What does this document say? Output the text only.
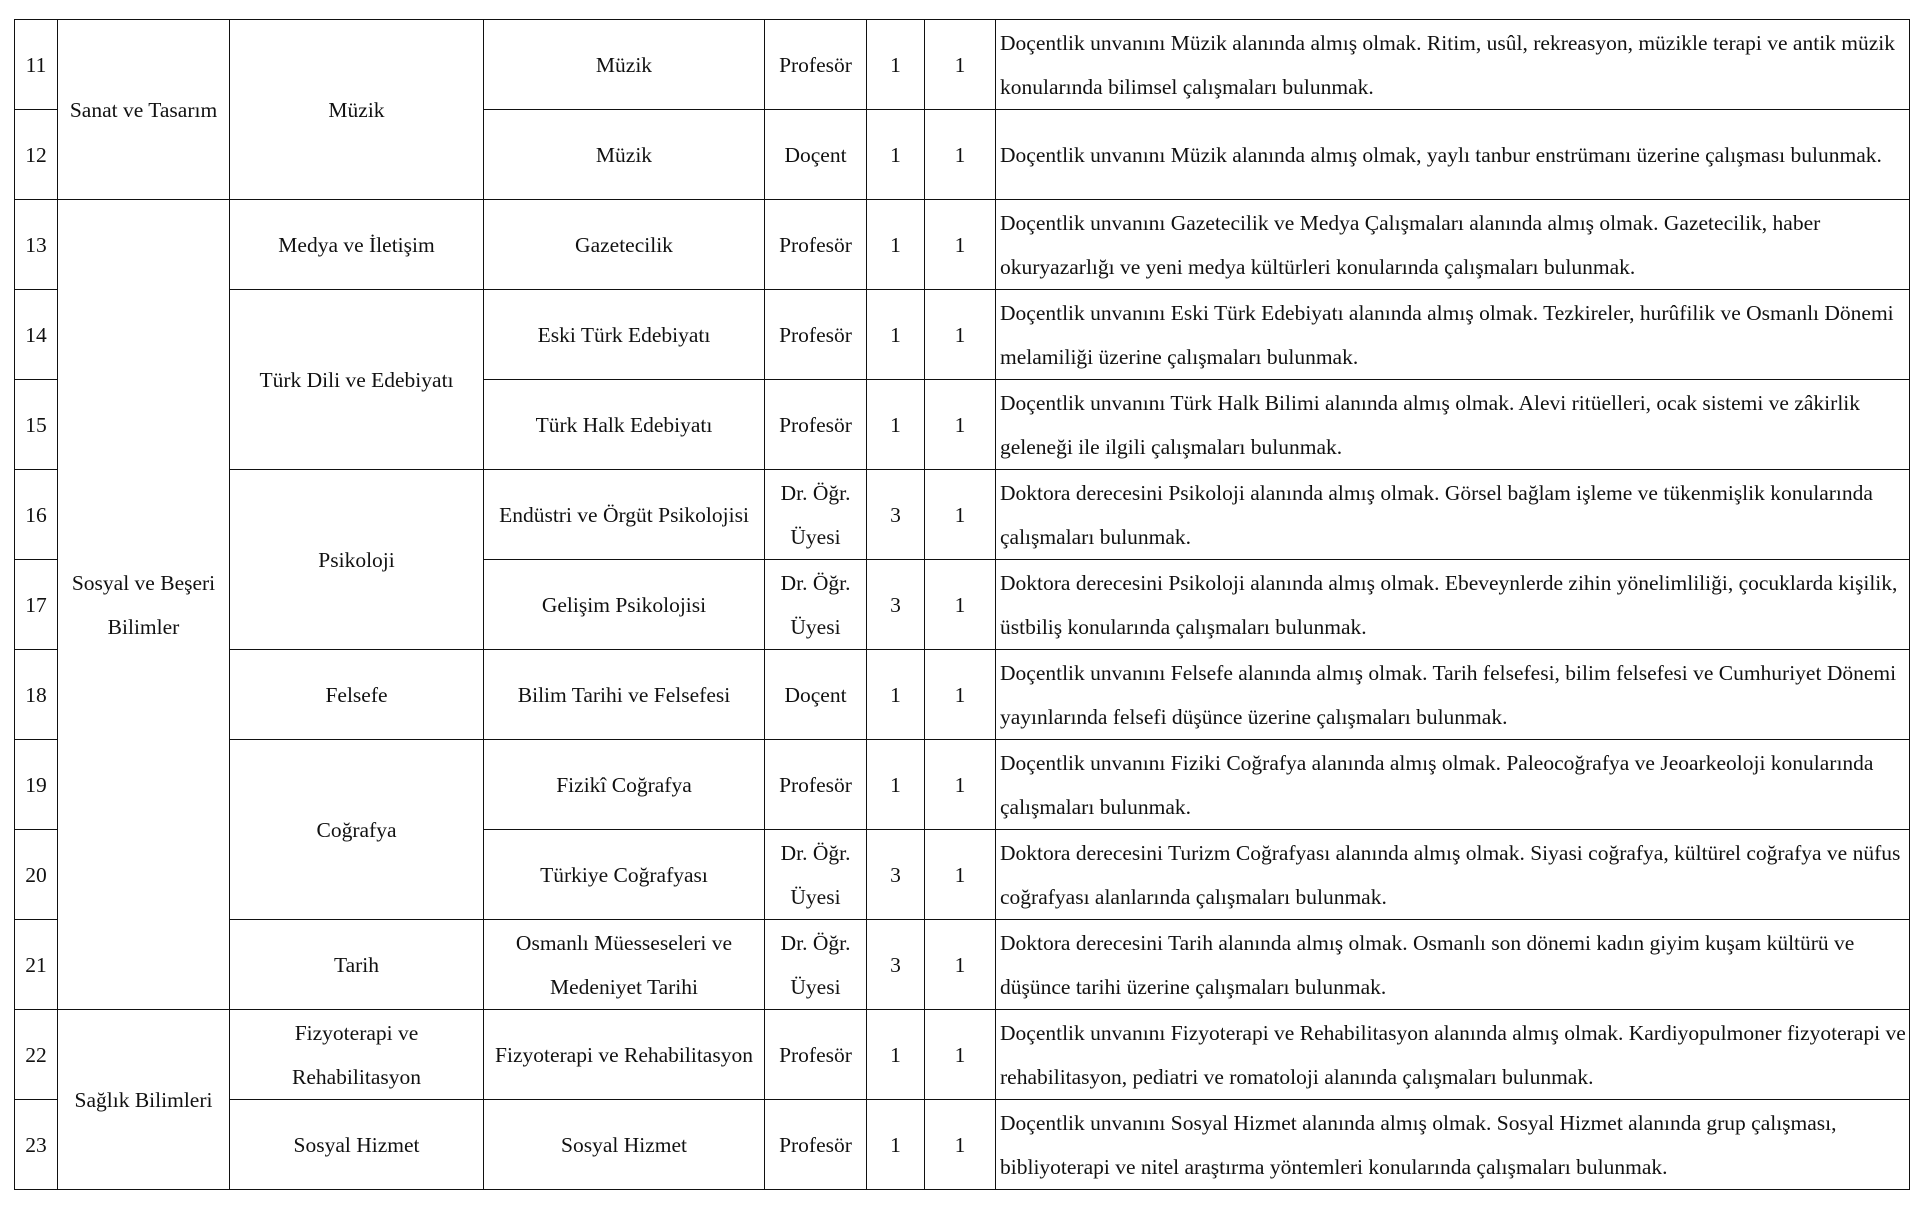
11	Sanat ve Tasarım	Müzik	Müzik	Profesör	1	1	Doçentlik unvanını Müzik alanında almış olmak. Ritim, usûl, rekreasyon, müzikle terapi ve antik müzik konularında bilimsel çalışmaları bulunmak.
12			Müzik	Doçent	1	1	Doçentlik unvanını Müzik alanında almış olmak, yaylı tanbur enstrümanı üzerine çalışması bulunmak.
13	Sosyal ve Beşeri Bilimler	Medya ve İletişim	Gazetecilik	Profesör	1	1	Doçentlik unvanını Gazetecilik ve Medya Çalışmaları alanında almış olmak. Gazetecilik, haber okuryazarlığı ve yeni medya kültürleri konularında çalışmaları bulunmak.
14		Türk Dili ve Edebiyatı	Eski Türk Edebiyatı	Profesör	1	1	Doçentlik unvanını Eski Türk Edebiyatı alanında almış olmak. Tezkireler, hurûfilik ve Osmanlı Dönemi melamiliği üzerine çalışmaları bulunmak.
15			Türk Halk Edebiyatı	Profesör	1	1	Doçentlik unvanını Türk Halk Bilimi alanında almış olmak. Alevi ritüelleri, ocak sistemi ve zâkirlik geleneği ile ilgili çalışmaları bulunmak.
16		Psikoloji	Endüstri ve Örgüt Psikolojisi	Dr. Öğr. Üyesi	3	1	Doktora derecesini Psikoloji alanında almış olmak. Görsel bağlam işleme ve tükenmişlik konularında çalışmaları bulunmak.
17			Gelişim Psikolojisi	Dr. Öğr. Üyesi	3	1	Doktora derecesini Psikoloji alanında almış olmak. Ebeveynlerde zihin yönelimliliği, çocuklarda kişilik, üstbiliş konularında çalışmaları bulunmak.
18		Felsefe	Bilim Tarihi ve Felsefesi	Doçent	1	1	Doçentlik unvanını Felsefe alanında almış olmak. Tarih felsefesi, bilim felsefesi ve Cumhuriyet Dönemi yayınlarında felsefi düşünce üzerine çalışmaları bulunmak.
19		Coğrafya	Fizikî Coğrafya	Profesör	1	1	Doçentlik unvanını Fiziki Coğrafya alanında almış olmak. Paleocoğrafya ve Jeoarkeoloji konularında çalışmaları bulunmak.
20			Türkiye Coğrafyası	Dr. Öğr. Üyesi	3	1	Doktora derecesini Turizm Coğrafyası alanında almış olmak. Siyasi coğrafya, kültürel coğrafya ve nüfus coğrafyası alanlarında çalışmaları bulunmak.
21		Tarih	Osmanlı Müesseseleri ve Medeniyet Tarihi	Dr. Öğr. Üyesi	3	1	Doktora derecesini Tarih alanında almış olmak. Osmanlı son dönemi kadın giyim kuşam kültürü ve düşünce tarihi üzerine çalışmaları bulunmak.
22	Sağlık Bilimleri	Fizyoterapi ve Rehabilitasyon	Fizyoterapi ve Rehabilitasyon	Profesör	1	1	Doçentlik unvanını Fizyoterapi ve Rehabilitasyon alanında almış olmak. Kardiyopulmoner fizyoterapi ve rehabilitasyon, pediatri ve romatoloji alanında çalışmaları bulunmak.
23		Sosyal Hizmet	Sosyal Hizmet	Profesör	1	1	Doçentlik unvanını Sosyal Hizmet alanında almış olmak. Sosyal Hizmet alanında grup çalışması, bibliyoterapi ve nitel araştırma yöntemleri konularında çalışmaları bulunmak.
